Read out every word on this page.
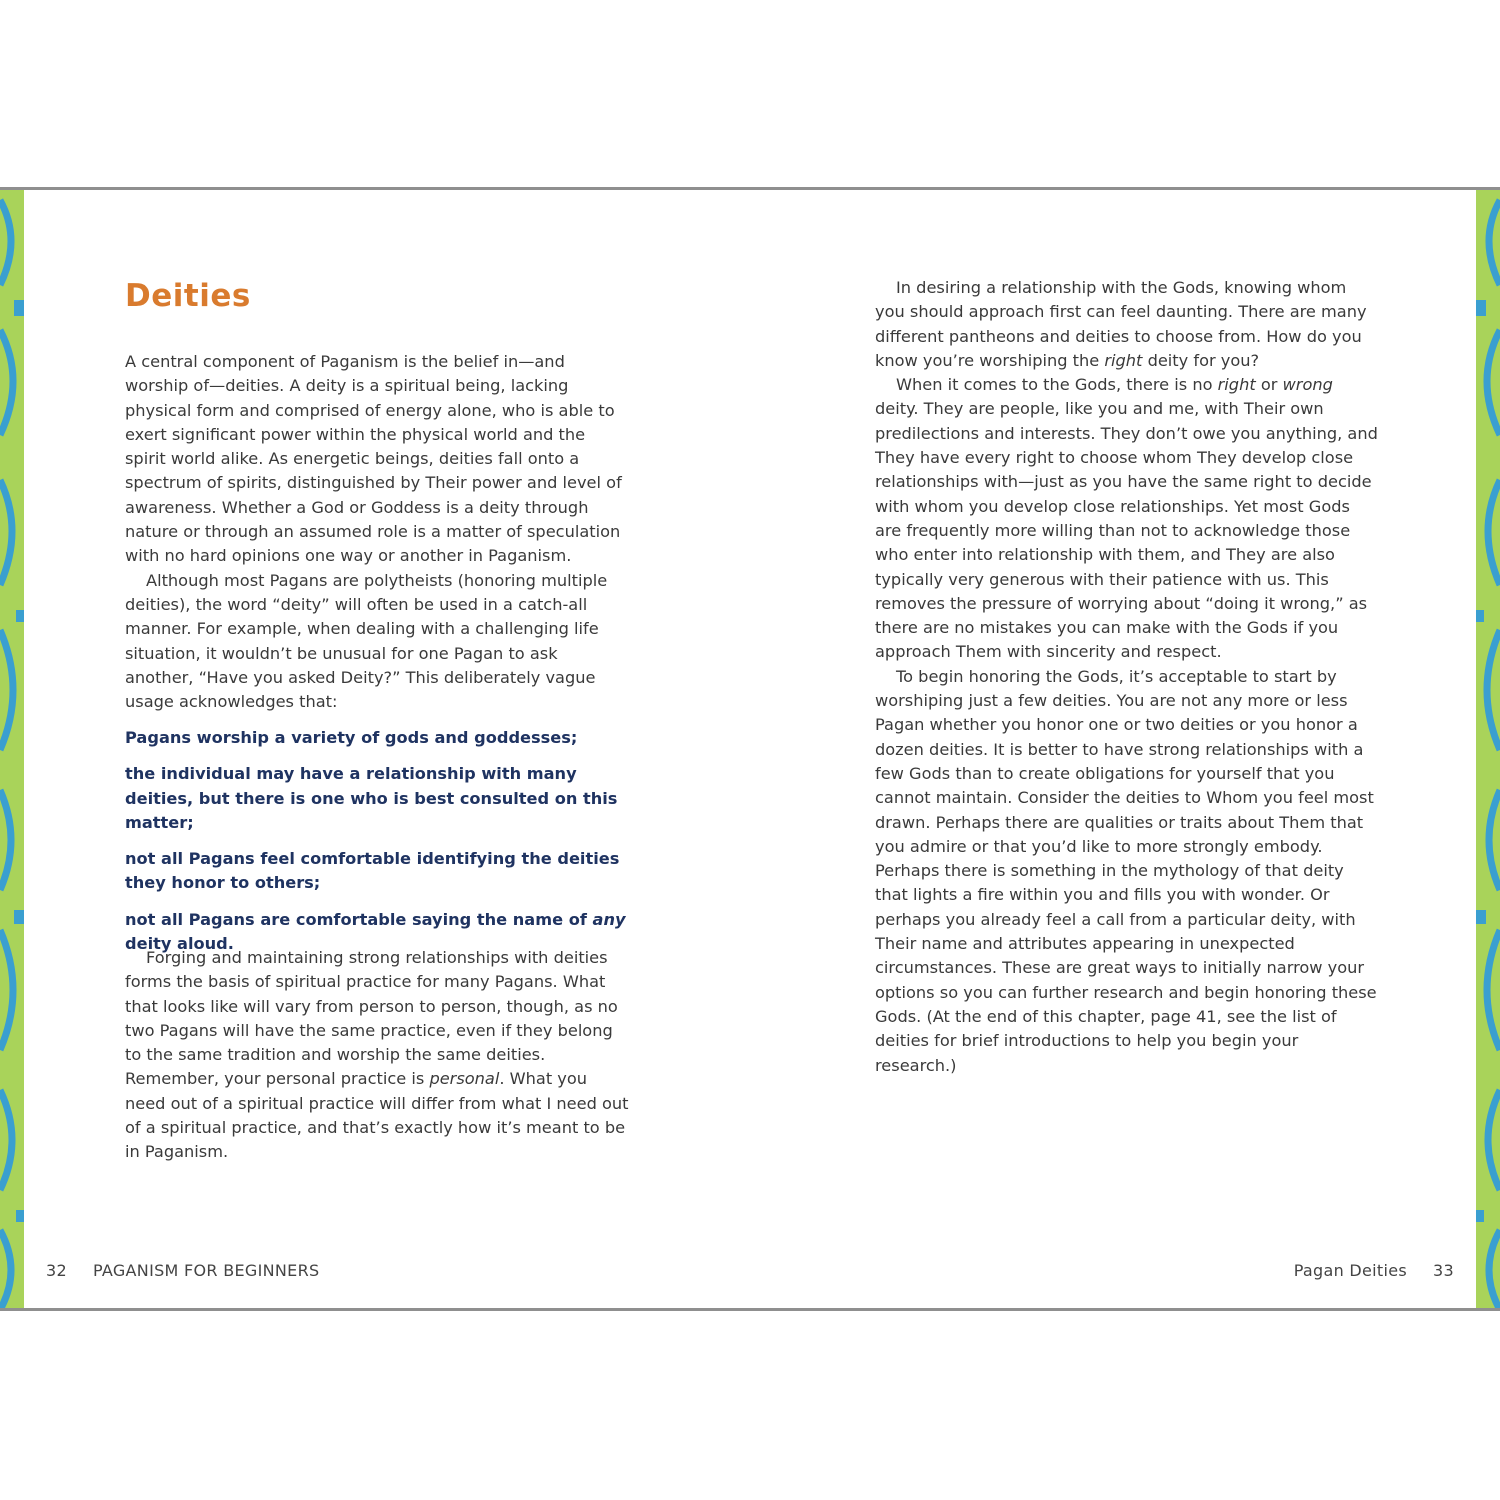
Deities

A central component of Paganism is the belief in—and worship of—deities. A deity is a spiritual being, lacking physical form and comprised of energy alone, who is able to exert significant power within the physical world and the spirit world alike. As energetic beings, deities fall onto a spectrum of spirits, distinguished by Their power and level of awareness. Whether a God or Goddess is a deity through nature or through an assumed role is a matter of speculation with no hard opinions one way or another in Paganism.

Although most Pagans are polytheists (honoring multiple deities), the word “deity” will often be used in a catch-all manner. For example, when dealing with a challenging life situation, it wouldn’t be unusual for one Pagan to ask another, “Have you asked Deity?” This deliberately vague usage acknowledges that:

Pagans worship a variety of gods and goddesses;

the individual may have a relationship with many deities, but there is one who is best consulted on this matter;

not all Pagans feel comfortable identifying the deities they honor to others;

not all Pagans are comfortable saying the name of any deity aloud.

Forging and maintaining strong relationships with deities forms the basis of spiritual practice for many Pagans. What that looks like will vary from person to person, though, as no two Pagans will have the same practice, even if they belong to the same tradition and worship the same deities. Remember, your personal practice is personal. What you need out of a spiritual practice will differ from what I need out of a spiritual practice, and that’s exactly how it’s meant to be in Paganism.

In desiring a relationship with the Gods, knowing whom you should approach first can feel daunting. There are many different pantheons and deities to choose from. How do you know you’re worshiping the right deity for you?

When it comes to the Gods, there is no right or wrong deity. They are people, like you and me, with Their own predilections and interests. They don’t owe you anything, and They have every right to choose whom They develop close relationships with—just as you have the same right to decide with whom you develop close relationships. Yet most Gods are frequently more willing than not to acknowledge those who enter into relationship with them, and They are also typically very generous with their patience with us. This removes the pressure of worrying about “doing it wrong,” as there are no mistakes you can make with the Gods if you approach Them with sincerity and respect.

To begin honoring the Gods, it’s acceptable to start by worshiping just a few deities. You are not any more or less Pagan whether you honor one or two deities or you honor a dozen deities. It is better to have strong relationships with a few Gods than to create obligations for yourself that you cannot maintain. Consider the deities to Whom you feel most drawn. Perhaps there are qualities or traits about Them that you admire or that you’d like to more strongly embody. Perhaps there is something in the mythology of that deity that lights a fire within you and fills you with wonder. Or perhaps you already feel a call from a particular deity, with Their name and attributes appearing in unexpected circumstances. These are great ways to initially narrow your options so you can further research and begin honoring these Gods. (At the end of this chapter, page 41, see the list of deities for brief introductions to help you begin your research.)

32 PAGANISM FOR BEGINNERS	Pagan Deities 33
